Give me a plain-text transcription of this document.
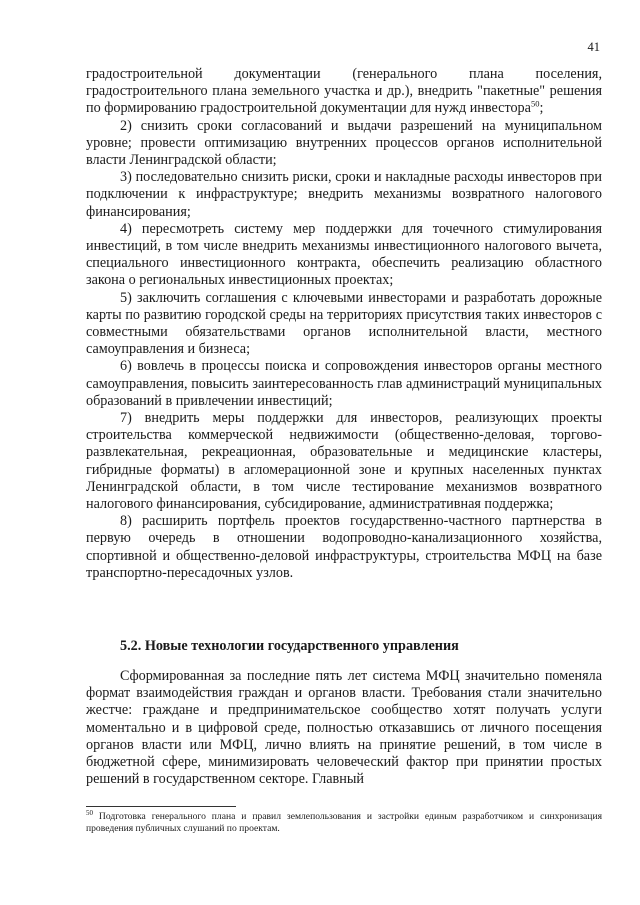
41

градостроительной документации (генерального плана поселения, градостроительного плана земельного участка и др.), внедрить "пакетные" решения по формированию градостроительной документации для нужд инвестора$^{50}$;

2) снизить сроки согласований и выдачи разрешений на муниципальном уровне; провести оптимизацию внутренних процессов органов исполнительной власти Ленинградской области;

3) последовательно снизить риски, сроки и накладные расходы инвесторов при подключении к инфраструктуре; внедрить механизмы возвратного налогового финансирования;

4) пересмотреть систему мер поддержки для точечного стимулирования инвестиций, в том числе внедрить механизмы инвестиционного налогового вычета, специального инвестиционного контракта, обеспечить реализацию областного закона о региональных инвестиционных проектах;

5) заключить соглашения с ключевыми инвесторами и разработать дорожные карты по развитию городской среды на территориях присутствия таких инвесторов с совместными обязательствами органов исполнительной власти, местного самоуправления и бизнеса;

6) вовлечь в процессы поиска и сопровождения инвесторов органы местного самоуправления, повысить заинтересованность глав администраций муниципальных образований в привлечении инвестиций;

7) внедрить меры поддержки для инвесторов, реализующих проекты строительства коммерческой недвижимости (общественно-деловая, торгово-развлекательная, рекреационная, образовательные и медицинские кластеры, гибридные форматы) в агломерационной зоне и крупных населенных пунктах Ленинградской области, в том числе тестирование механизмов возвратного налогового финансирования, субсидирование, административная поддержка;

8) расширить портфель проектов государственно-частного партнерства в первую очередь в отношении водопроводно-канализационного хозяйства, спортивной и общественно-деловой инфраструктуры, строительства МФЦ на базе транспортно-пересадочных узлов.

5.2. Новые технологии государственного управления

Сформированная за последние пять лет система МФЦ значительно поменяла формат взаимодействия граждан и органов власти. Требования стали значительно жестче: граждане и предпринимательское сообщество хотят получать услуги моментально и в цифровой среде, полностью отказавшись от личного посещения органов власти или МФЦ, лично влиять на принятие решений, в том числе в бюджетной сфере, минимизировать человеческий фактор при принятии простых решений в государственном секторе. Главный

$^{50}$ Подготовка генерального плана и правил землепользования и застройки единым разработчиком и синхронизация проведения публичных слушаний по проектам.
